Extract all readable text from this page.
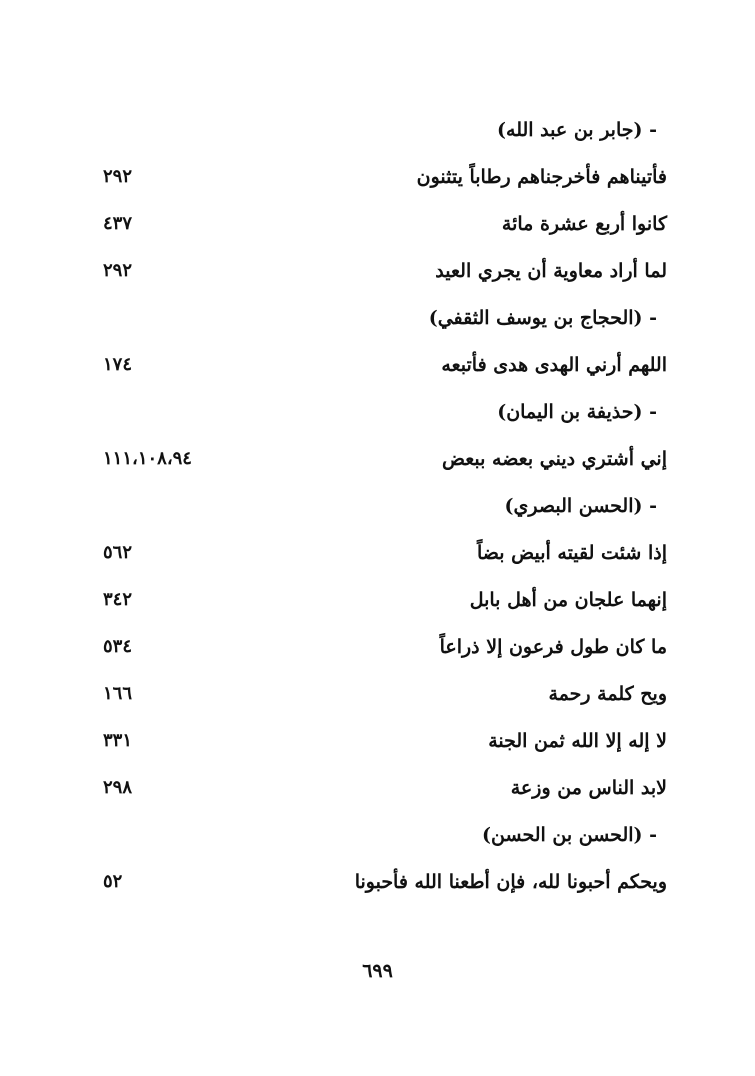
- (جابر بن عبد الله)
فأتيناهم فأخرجناهم رطاباً يتثنون
٢٩٢
كانوا أربع عشرة مائة
٤٣٧
لما أراد معاوية أن يجري العيد
٢٩٢
- (الحجاج بن يوسف الثقفي)
اللهم أرني الهدى هدى فأتبعه
١٧٤
- (حذيفة بن اليمان)
إني أشتري ديني بعضه ببعض
١١١،١٠٨،٩٤
- (الحسن البصري)
إذا شئت لقيته أبيض بضاً
٥٦٢
إنهما علجان من أهل بابل
٣٤٢
ما كان طول فرعون إلا ذراعاً
٥٣٤
ويح كلمة رحمة
١٦٦
لا إله إلا الله ثمن الجنة
٣٣١
لابد الناس من وزعة
٢٩٨
- (الحسن بن الحسن)
ويحكم أحبونا لله، فإن أطعنا الله فأحبونا
٥٢
٦٩٩
